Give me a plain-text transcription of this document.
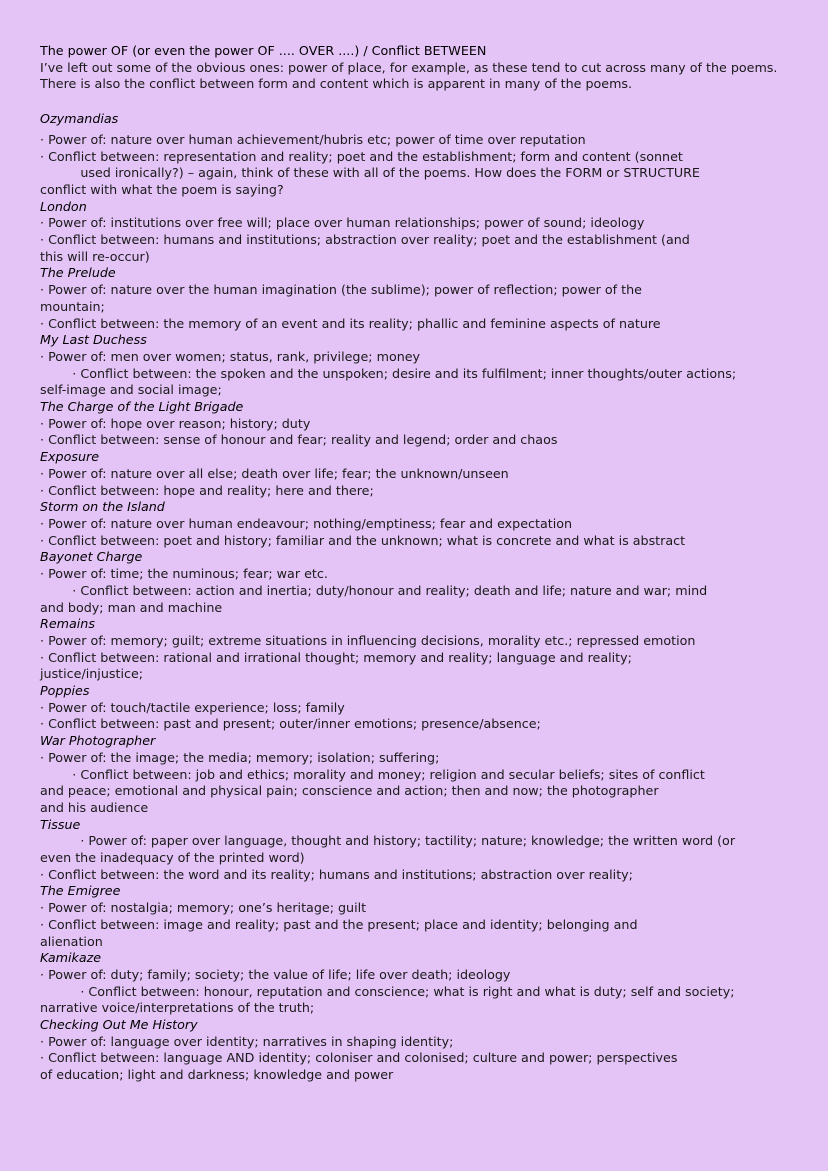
The power OF (or even the power OF .... OVER ....) / Conflict BETWEEN

I’ve left out some of the obvious ones: power of place, for example, as these tend to cut across many of the poems. There is also the conflict between form and content which is apparent in many of the poems.

Ozymandias
· Power of: nature over human achievement/hubris etc; power of time over reputation
· Conflict between: representation and reality; poet and the establishment; form and content (sonnet
used ironically?) – again, think of these with all of the poems. How does the FORM or STRUCTURE
conflict with what the poem is saying?
London
· Power of: institutions over free will; place over human relationships; power of sound; ideology
· Conflict between: humans and institutions; abstraction over reality; poet and the establishment (and
this will re-occur)
The Prelude
· Power of: nature over the human imagination (the sublime); power of reflection; power of the
mountain;
· Conflict between: the memory of an event and its reality; phallic and feminine aspects of nature
My Last Duchess
· Power of: men over women; status, rank, privilege; money
· Conflict between: the spoken and the unspoken; desire and its fulfilment; inner thoughts/outer actions;
self-image and social image;
The Charge of the Light Brigade
· Power of: hope over reason; history; duty
· Conflict between: sense of honour and fear; reality and legend; order and chaos
Exposure
· Power of: nature over all else; death over life; fear; the unknown/unseen
· Conflict between: hope and reality; here and there;
Storm on the Island
· Power of: nature over human endeavour; nothing/emptiness; fear and expectation
· Conflict between: poet and history; familiar and the unknown; what is concrete and what is abstract
Bayonet Charge
· Power of: time; the numinous; fear; war etc.
· Conflict between: action and inertia; duty/honour and reality; death and life; nature and war; mind
and body; man and machine
Remains
· Power of: memory; guilt; extreme situations in influencing decisions, morality etc.; repressed emotion
· Conflict between: rational and irrational thought; memory and reality; language and reality;
justice/injustice;
Poppies
· Power of: touch/tactile experience; loss; family
· Conflict between: past and present; outer/inner emotions; presence/absence;
War Photographer
· Power of: the image; the media; memory; isolation; suffering;
· Conflict between: job and ethics; morality and money; religion and secular beliefs; sites of conflict
and peace; emotional and physical pain; conscience and action; then and now; the photographer
and his audience
Tissue
· Power of: paper over language, thought and history; tactility; nature; knowledge; the written word (or
even the inadequacy of the printed word)
· Conflict between: the word and its reality; humans and institutions; abstraction over reality;
The Emigree
· Power of: nostalgia; memory; one’s heritage; guilt
· Conflict between: image and reality; past and the present; place and identity; belonging and
alienation
Kamikaze
· Power of: duty; family; society; the value of life; life over death; ideology
· Conflict between: honour, reputation and conscience; what is right and what is duty; self and society;
narrative voice/interpretations of the truth;
Checking Out Me History
· Power of: language over identity; narratives in shaping identity;
· Conflict between: language AND identity; coloniser and colonised; culture and power; perspectives
of education; light and darkness; knowledge and power
